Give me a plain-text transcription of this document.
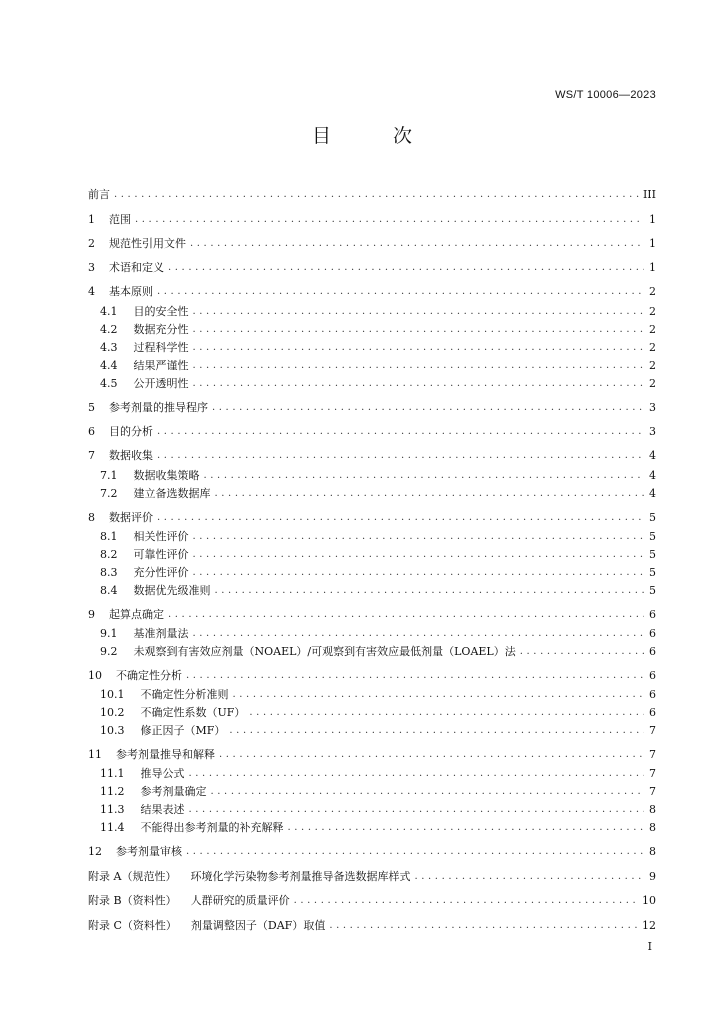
WS/T 10006—2023
目 次
前言 .....	III
1 范围 .....	1
2 规范性引用文件 .....	1
3 术语和定义 .....	1
4 基本原则 .....	2
4.1 目的安全性 .....	2
4.2 数据充分性 .....	2
4.3 过程科学性 .....	2
4.4 结果严谨性 .....	2
4.5 公开透明性 .....	2
5 参考剂量的推导程序 .....	3
6 目的分析 .....	3
7 数据收集 .....	4
7.1 数据收集策略 .....	4
7.2 建立备选数据库 .....	4
8 数据评价 .....	5
8.1 相关性评价 .....	5
8.2 可靠性评价 .....	5
8.3 充分性评价 .....	5
8.4 数据优先级准则 .....	5
9 起算点确定 .....	6
9.1 基准剂量法 .....	6
9.2 未观察到有害效应剂量（NOAEL）/可观察到有害效应最低剂量（LOAEL）法 .....	6
10 不确定性分析 .....	6
10.1 不确定性分析准则 .....	6
10.2 不确定性系数（UF） .....	6
10.3 修正因子（MF） .....	7
11 参考剂量推导和解释 .....	7
11.1 推导公式 .....	7
11.2 参考剂量确定 .....	7
11.3 结果表述 .....	8
11.4 不能得出参考剂量的补充解释 .....	8
12 参考剂量审核 .....	8
附录 A（规范性） 环境化学污染物参考剂量推导备选数据库样式 .....	9
附录 B（资料性） 人群研究的质量评价 .....	10
附录 C（资料性） 剂量调整因子（DAF）取值 .....	12
I
